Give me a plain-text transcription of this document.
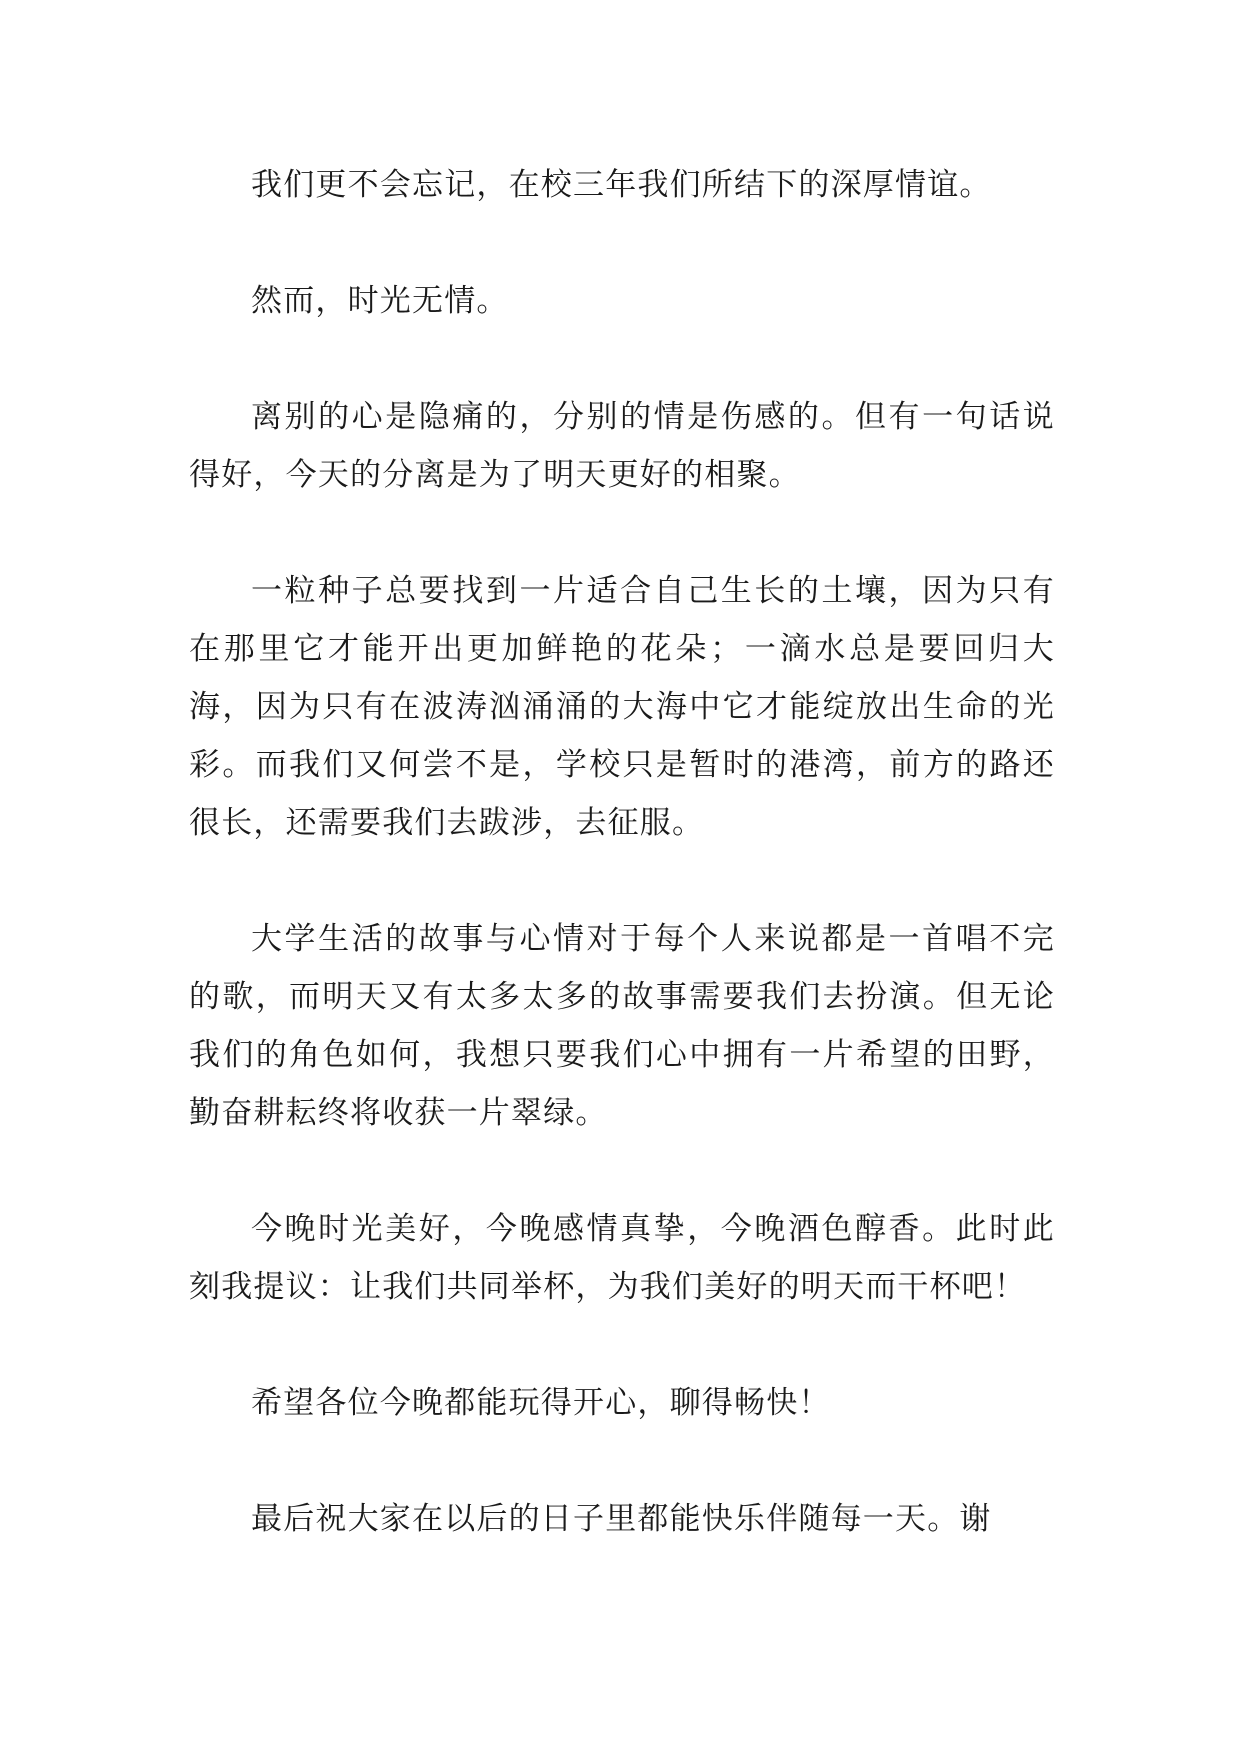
我们更不会忘记，在校三年我们所结下的深厚情谊。

然而，时光无情。

离别的心是隐痛的，分别的情是伤感的。但有一句话说得好，今天的分离是为了明天更好的相聚。

一粒种子总要找到一片适合自己生长的土壤，因为只有在那里它才能开出更加鲜艳的花朵；一滴水总是要回归大海，因为只有在波涛汹涌涌的大海中它才能绽放出生命的光彩。而我们又何尝不是，学校只是暂时的港湾，前方的路还很长，还需要我们去跋涉，去征服。

大学生活的故事与心情对于每个人来说都是一首唱不完的歌，而明天又有太多太多的故事需要我们去扮演。但无论我们的角色如何，我想只要我们心中拥有一片希望的田野，勤奋耕耘终将收获一片翠绿。

今晚时光美好，今晚感情真挚，今晚酒色醇香。此时此刻我提议：让我们共同举杯，为我们美好的明天而干杯吧！

希望各位今晚都能玩得开心，聊得畅快！

最后祝大家在以后的日子里都能快乐伴随每一天。谢
